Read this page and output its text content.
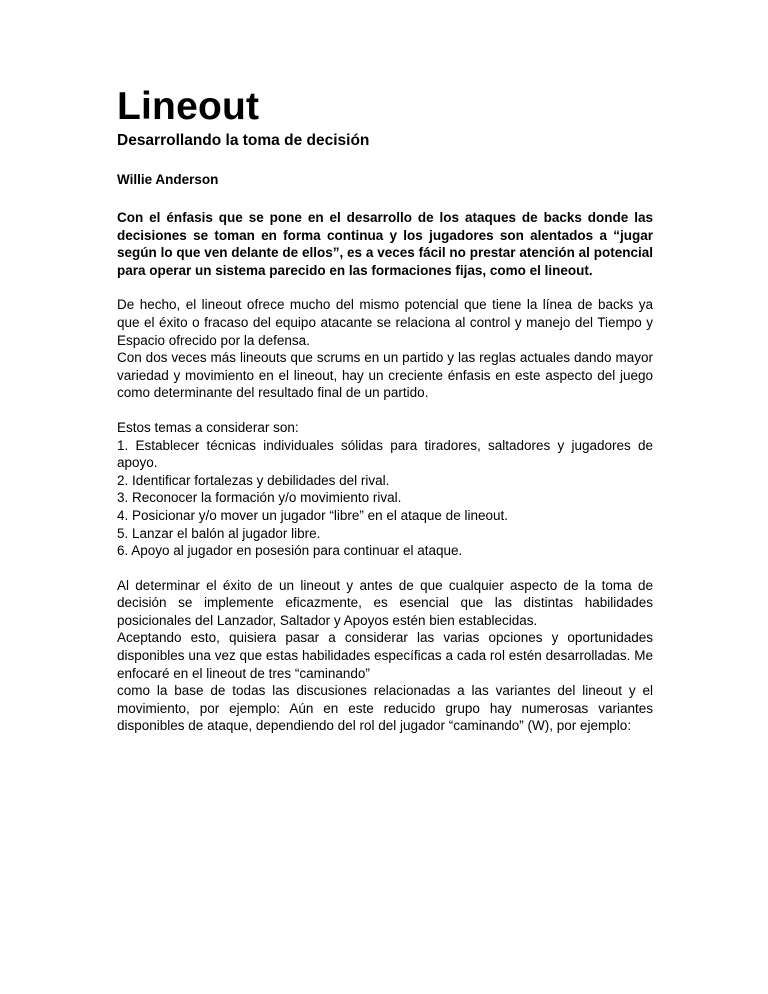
Lineout
Desarrollando la toma de decisión
Willie Anderson

Con el énfasis que se pone en el desarrollo de los ataques de backs donde las decisiones se toman en forma continua y los jugadores son alentados a “jugar según lo que ven delante de ellos”, es a veces fácil no prestar atención al potencial para operar un sistema parecido en las formaciones fijas, como el lineout.

De hecho, el lineout ofrece mucho del mismo potencial que tiene la línea de backs ya que el éxito o fracaso del equipo atacante se relaciona al control y manejo del Tiempo y Espacio ofrecido por la defensa.

Con dos veces más lineouts que scrums en un partido y las reglas actuales dando mayor variedad y movimiento en el lineout, hay un creciente énfasis en este aspecto del juego como determinante del resultado final de un partido.

Estos temas a considerar son:

1. Establecer técnicas individuales sólidas para tiradores, saltadores y jugadores de apoyo.
2. Identificar fortalezas y debilidades del rival.
3. Reconocer la formación y/o movimiento rival.
4. Posicionar y/o mover un jugador “libre” en el ataque de lineout.
5. Lanzar el balón al jugador libre.
6. Apoyo al jugador en posesión para continuar el ataque.

Al determinar el éxito de un lineout y antes de que cualquier aspecto de la toma de decisión se implemente eficazmente, es esencial que las distintas habilidades posicionales del Lanzador, Saltador y Apoyos estén bien establecidas.

Aceptando esto, quisiera pasar a considerar las varias opciones y oportunidades disponibles una vez que estas habilidades específicas a cada rol estén desarrolladas. Me enfocaré en el lineout de tres “caminando”

como la base de todas las discusiones relacionadas a las variantes del lineout y el movimiento, por ejemplo: Aún en este reducido grupo hay numerosas variantes disponibles de ataque, dependiendo del rol del jugador “caminando” (W), por ejemplo:
